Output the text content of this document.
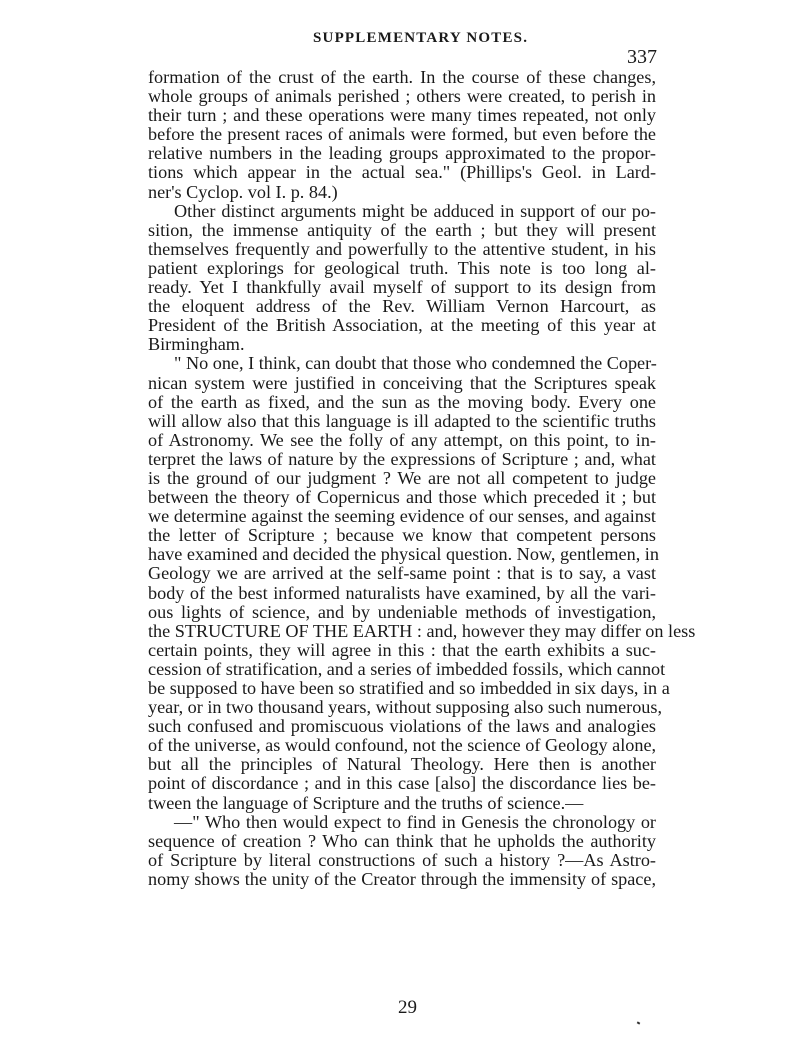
SUPPLEMENTARY NOTES.
337
formation of the crust of the earth. In the course of these changes,
whole groups of animals perished ; others were created, to perish in
their turn ; and these operations were many times repeated, not only
before the present races of animals were formed, but even before the
relative numbers in the leading groups approximated to the propor-
tions which appear in the actual sea." (Phillips's Geol. in Lard-
ner's Cyclop. vol I. p. 84.)
Other distinct arguments might be adduced in support of our po-
sition, the immense antiquity of the earth ; but they will present
themselves frequently and powerfully to the attentive student, in his
patient explorings for geological truth. This note is too long al-
ready. Yet I thankfully avail myself of support to its design from
the eloquent address of the Rev. William Vernon Harcourt, as
President of the British Association, at the meeting of this year at
Birmingham.
" No one, I think, can doubt that those who condemned the Coper-
nican system were justified in conceiving that the Scriptures speak
of the earth as fixed, and the sun as the moving body. Every one
will allow also that this language is ill adapted to the scientific truths
of Astronomy. We see the folly of any attempt, on this point, to in-
terpret the laws of nature by the expressions of Scripture ; and, what
is the ground of our judgment ? We are not all competent to judge
between the theory of Copernicus and those which preceded it ; but
we determine against the seeming evidence of our senses, and against
the letter of Scripture ; because we know that competent persons
have examined and decided the physical question. Now, gentlemen, in
Geology we are arrived at the self-same point : that is to say, a vast
body of the best informed naturalists have examined, by all the vari-
ous lights of science, and by undeniable methods of investigation,
the STRUCTURE OF THE EARTH : and, however they may differ on less
certain points, they will agree in this : that the earth exhibits a suc-
cession of stratification, and a series of imbedded fossils, which cannot
be supposed to have been so stratified and so imbedded in six days, in a
year, or in two thousand years, without supposing also such numerous,
such confused and promiscuous violations of the laws and analogies
of the universe, as would confound, not the science of Geology alone,
but all the principles of Natural Theology. Here then is another
point of discordance ; and in this case [also] the discordance lies be-
tween the language of Scripture and the truths of science.—
—" Who then would expect to find in Genesis the chronology or
sequence of creation ? Who can think that he upholds the authority
of Scripture by literal constructions of such a history ?—As Astro-
nomy shows the unity of the Creator through the immensity of space,
29
